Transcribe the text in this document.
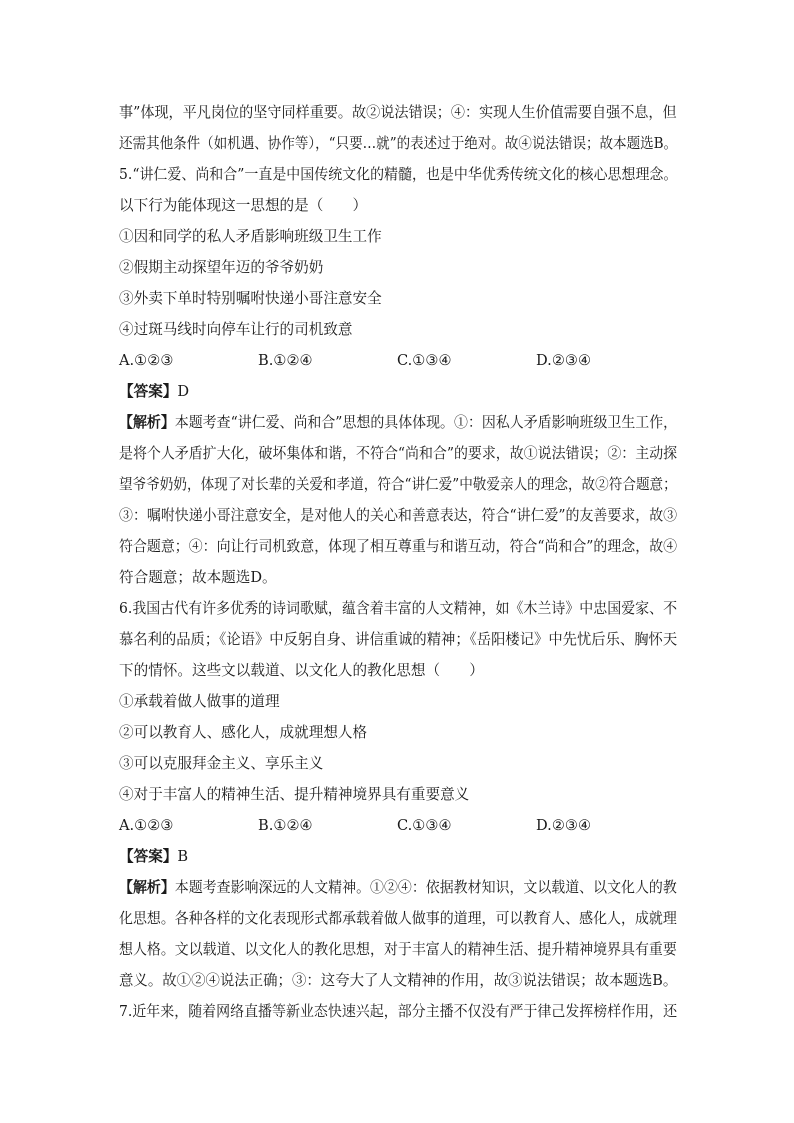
事”体现，平凡岗位的坚守同样重要。故②说法错误；④：实现人生价值需要自强不息，但
还需其他条件（如机遇、协作等），“只要…就”的表述过于绝对。故④说法错误；故本题选B。
5.“讲仁爱、尚和合”一直是中国传统文化的精髓，也是中华优秀传统文化的核心思想理念。
以下行为能体现这一思想的是（　　）
①因和同学的私人矛盾影响班级卫生工作
②假期主动探望年迈的爷爷奶奶
③外卖下单时特别嘱咐快递小哥注意安全
④过斑马线时向停车让行的司机致意
A.①②③	B.①②④	C.①③④	D.②③④
【答案】D
【解析】本题考查“讲仁爱、尚和合”思想的具体体现。①：因私人矛盾影响班级卫生工作，
是将个人矛盾扩大化，破坏集体和谐，不符合“尚和合”的要求，故①说法错误；②：主动探
望爷爷奶奶，体现了对长辈的关爱和孝道，符合“讲仁爱”中敬爱亲人的理念，故②符合题意；
③：嘱咐快递小哥注意安全，是对他人的关心和善意表达，符合“讲仁爱”的友善要求，故③
符合题意；④：向让行司机致意，体现了相互尊重与和谐互动，符合“尚和合”的理念，故④
符合题意；故本题选D。
6.我国古代有许多优秀的诗词歌赋，蕴含着丰富的人文精神，如《木兰诗》中忠国爱家、不
慕名利的品质；《论语》中反躬自身、讲信重诚的精神；《岳阳楼记》中先忧后乐、胸怀天
下的情怀。这些文以载道、以文化人的教化思想（　　）
①承载着做人做事的道理
②可以教育人、感化人，成就理想人格
③可以克服拜金主义、享乐主义
④对于丰富人的精神生活、提升精神境界具有重要意义
A.①②③	B.①②④	C.①③④	D.②③④
【答案】B
【解析】本题考查影响深远的人文精神。①②④：依据教材知识，文以载道、以文化人的教
化思想。各种各样的文化表现形式都承载着做人做事的道理，可以教育人、感化人，成就理
想人格。文以载道、以文化人的教化思想，对于丰富人的精神生活、提升精神境界具有重要
意义。故①②④说法正确；③：这夸大了人文精神的作用，故③说法错误；故本题选B。
7.近年来，随着网络直播等新业态快速兴起，部分主播不仅没有严于律己发挥榜样作用，还
